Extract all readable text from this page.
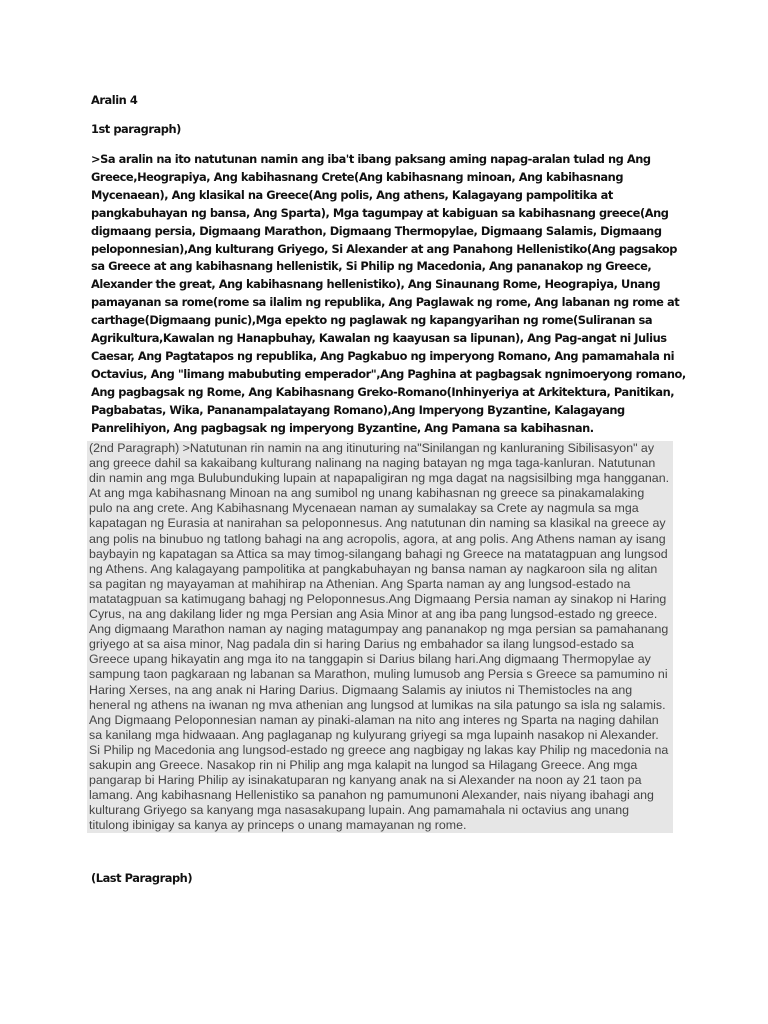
Aralin 4

1st paragraph)

>Sa aralin na ito natutunan namin ang iba't ibang paksang aming napag-aralan tulad ng Ang Greece,Heograpiya, Ang kabihasnang Crete(Ang kabihasnang minoan, Ang kabihasnang Mycenaean), Ang klasikal na Greece(Ang polis, Ang athens, Kalagayang pampolitika at pangkabuhayan ng bansa, Ang Sparta), Mga tagumpay at kabiguan sa kabihasnang greece(Ang digmaang persia, Digmaang Marathon, Digmaang Thermopylae, Digmaang Salamis, Digmaang peloponnesian),Ang kulturang Griyego, Si Alexander at ang Panahong Hellenistiko(Ang pagsakop sa Greece at ang kabihasnang hellenistik, Si Philip ng Macedonia, Ang pananakop ng Greece, Alexander the great, Ang kabihasnang hellenistiko), Ang Sinaunang Rome, Heograpiya, Unang pamayanan sa rome(rome sa ilalim ng republika, Ang Paglawak ng rome, Ang labanan ng rome at carthage(Digmaang punic),Mga epekto ng paglawak ng kapangyarihan ng rome(Suliranan sa Agrikultura,Kawalan ng Hanapbuhay, Kawalan ng kaayusan sa lipunan), Ang Pag-angat ni Julius Caesar, Ang Pagtatapos ng republika, Ang Pagkabuo ng imperyong Romano, Ang pamamahala ni Octavius, Ang "limang mabubuting emperador",Ang Paghina at pagbagsak ngnimoeryong romano, Ang pagbagsak ng Rome, Ang Kabihasnang Greko-Romano(Inhinyeriya at Arkitektura, Panitikan, Pagbabatas, Wika, Pananampalatayang Romano),Ang Imperyong Byzantine, Kalagayang Panrelihiyon, Ang pagbagsak ng imperyong Byzantine, Ang Pamana sa kabihasnan.

(2nd Paragraph) >Natutunan rin namin na ang itinuturing na"Sinilangan ng kanluraning Sibilisasyon" ay ang greece dahil sa kakaibang kulturang nalinang na naging batayan ng mga taga-kanluran. Natutunan din namin ang mga Bulubunduking lupain at napapaligiran ng mga dagat na nagsisilbing mga hangganan. At ang mga kabihasnang Minoan na ang sumibol ng unang kabihasnan ng greece sa pinakamalaking pulo na ang crete. Ang Kabihasnang Mycenaean naman ay sumalakay sa Crete ay nagmula sa mga kapatagan ng Eurasia at nanirahan sa peloponnesus. Ang natutunan din naming sa klasikal na greece ay ang polis na binubuo ng tatlong bahagi na ang acropolis, agora, at ang polis. Ang Athens naman ay isang baybayin ng kapatagan sa Attica sa may timog-silangang bahagi ng Greece na matatagpuan ang lungsod ng Athens. Ang kalagayang pampolitika at pangkabuhayan ng bansa naman ay nagkaroon sila ng alitan sa pagitan ng mayayaman at mahihirap na Athenian. Ang Sparta naman ay ang lungsod-estado na matatagpuan sa katimugang bahagj ng Peloponnesus.Ang Digmaang Persia naman ay sinakop ni Haring Cyrus, na ang dakilang lider ng mga Persian ang Asia Minor at ang iba pang lungsod-estado ng greece. Ang digmaang Marathon naman ay naging matagumpay ang pananakop ng mga persian sa pamahanang griyego at sa aisa minor, Nag padala din si haring Darius ng embahador sa ilang lungsod-estado sa Greece upang hikayatin ang mga ito na tanggapin si Darius bilang hari.Ang digmaang Thermopylae ay sampung taon pagkaraan ng labanan sa Marathon, muling lumusob ang Persia s Greece sa pamumino ni Haring Xerses, na ang anak ni Haring Darius. Digmaang Salamis ay iniutos ni Themistocles na ang heneral ng athens na iwanan ng mva athenian ang lungsod at lumikas na sila patungo sa isla ng salamis. Ang Digmaang Peloponnesian naman ay pinaki-alaman na nito ang interes ng Sparta na naging dahilan sa kanilang mga hidwaaan. Ang paglaganap ng kulyurang griyegi sa mga lupainh nasakop ni Alexander. Si Philip ng Macedonia ang lungsod-estado ng greece ang nagbigay ng lakas kay Philip ng macedonia na sakupin ang Greece. Nasakop rin ni Philip ang mga kalapit na lungod sa Hilagang Greece. Ang mga pangarap bi Haring Philip ay isinakatuparan ng kanyang anak na si Alexander na noon ay 21 taon pa lamang. Ang kabihasnang Hellenistiko sa panahon ng pamumunoni Alexander, nais niyang ibahagi ang kulturang Griyego sa kanyang mga nasasakupang lupain. Ang pamamahala ni octavius ang unang titulong ibinigay sa kanya ay princeps o unang mamayanan ng rome.

(Last Paragraph)
